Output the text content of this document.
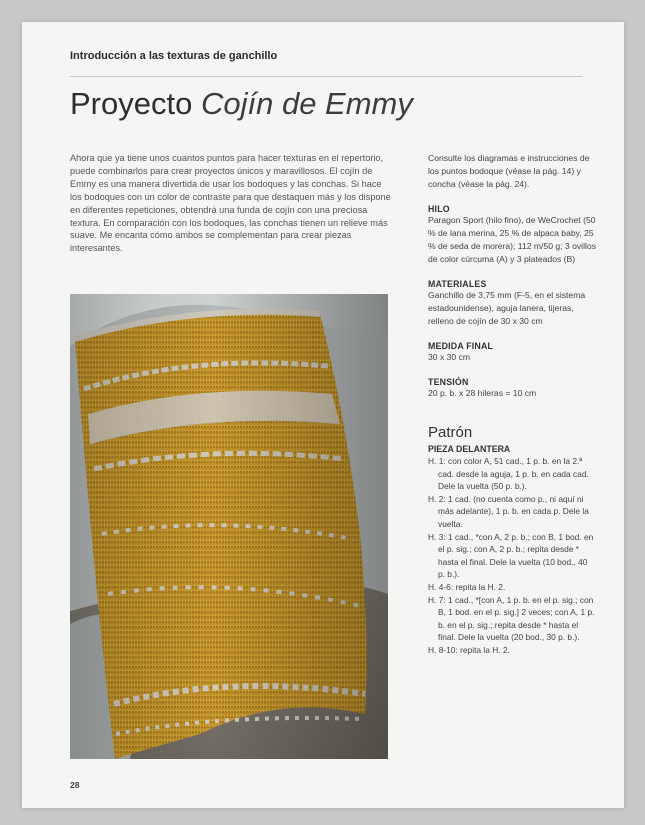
Introducción a las texturas de ganchillo
Proyecto Cojín de Emmy

Ahora que ya tiene unos cuantos puntos para hacer texturas en el repertorio, puede combinarlos para crear proyectos únicos y maravillosos. El cojín de Emmy es una manera divertida de usar los bodoques y las conchas. Si hace los bodoques con un color de contraste para que destaquen más y los dispone en diferentes repeticiones, obtendrá una funda de cojín con una preciosa textura. En comparación con los bodoques, las conchas tienen un relieve más suave. Me encanta cómo ambos se complementan para crear piezas interesantes.

Consulte los diagramas e instrucciones de los puntos bodoque (véase la pág. 14) y concha (véase la pág. 24).

HILO

Paragon Sport (hilo fino), de WeCrochet (50 % de lana merina, 25 % de alpaca baby, 25 % de seda de morera); 112 m/50 g; 3 ovillos de color cúrcuma (A) y 3 plateados (B)

MATERIALES

Ganchillo de 3,75 mm (F-5, en el sistema estadounidense), aguja lanera, tijeras, relleno de cojín de 30 x 30 cm

MEDIDA FINAL

30 x 30 cm

TENSIÓN

20 p. b. x 28 hileras = 10 cm

Patrón

PIEZA DELANTERA

H. 1: con color A, 51 cad., 1 p. b. en la 2.ª cad. desde la aguja, 1 p. b. en cada cad. Dele la vuelta (50 p. b.).
H. 2: 1 cad. (no cuenta como p., ni aquí ni más adelante), 1 p. b. en cada p. Dele la vuelta.
H. 3: 1 cad., *con A, 2 p. b.; con B, 1 bod. en el p. sig.; con A, 2 p. b.; repita desde * hasta el final. Dele la vuelta (10 bod., 40 p. b.).
H. 4-6: repita la H. 2.
H. 7: 1 cad., *[con A, 1 p. b. en el p. sig.; con B, 1 bod. en el p. sig.] 2 veces; con A, 1 p. b. en el p. sig.; repita desde * hasta el final. Dele la vuelta (20 bod., 30 p. b.).
H. 8-10: repita la H. 2.
28
